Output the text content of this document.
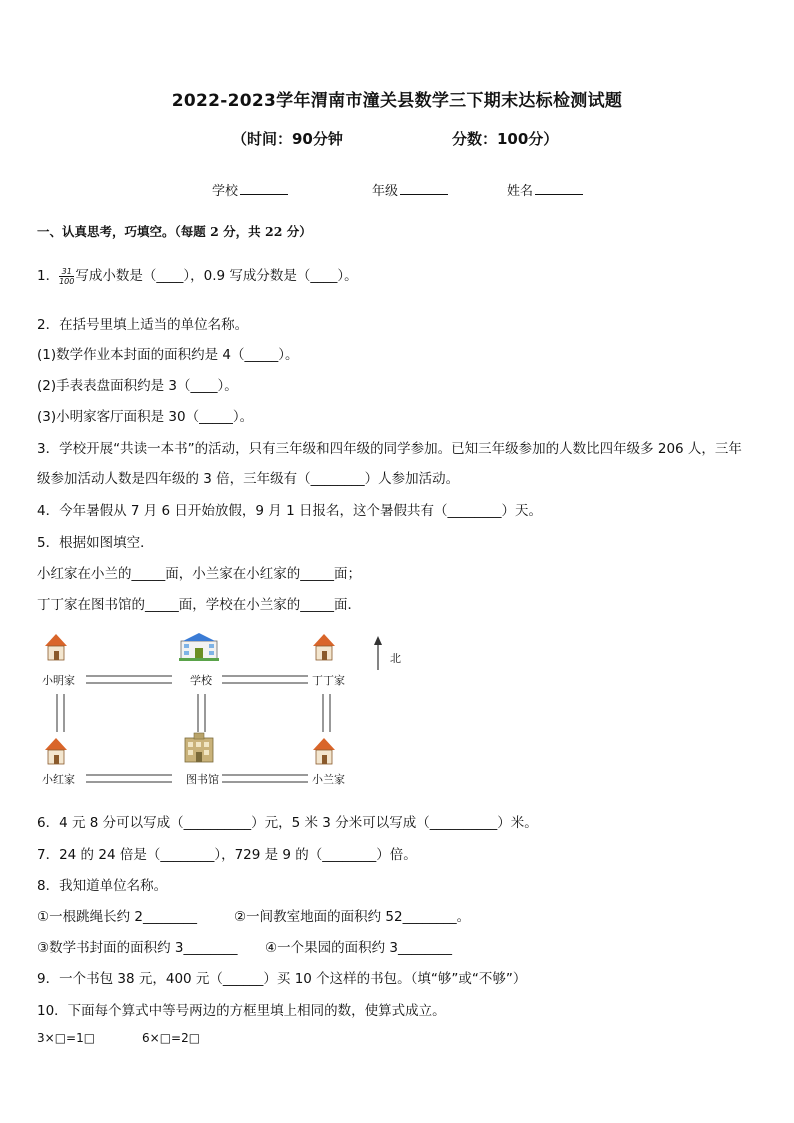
2022-2023学年渭南市潼关县数学三下期末达标检测试题
（时间：90分钟	分数：100分）
学校	年级	姓名
一、认真思考，巧填空。（每题 2 分，共 22 分）
1． $\frac{31}{100}$ 写成小数是（____），0.9 写成分数是（____）。
2．在括号里填上适当的单位名称。
(1)数学作业本封面的面积约是 4（_____）。
(2)手表表盘面积约是 3（____）。
(3)小明家客厅面积是 30（_____）。
3．学校开展“共读一本书”的活动，只有三年级和四年级的同学参加。已知三年级参加的人数比四年级多 206 人，三年
级参加活动人数是四年级的 3 倍，三年级有（________）人参加活动。
4．今年暑假从 7 月 6 日开始放假，9 月 1 日报名，这个暑假共有（________）天。
5．根据如图填空．
小红家在小兰的_____面，小兰家在小红家的_____面；
丁丁家在图书馆的_____面，学校在小兰家的_____面．
小明家	学校	丁丁家
小红家	图书馆	小兰家
北
6．4 元 8 分可以写成（__________）元，5 米 3 分米可以写成（__________）米。
7．24 的 24 倍是（________），729 是 9 的（________）倍。
8．我知道单位名称。
①一根跳绳长约 2________	②一间教室地面的面积约 52________。
③数学书封面的面积约 3________ ④一个果园的面积约 3________
9．一个书包 38 元，400 元（______）买 10 个这样的书包。（填“够”或“不够”）
10．下面每个算式中等号两边的方框里填上相同的数，使算式成立。
3×□=1□	6×□=2□
